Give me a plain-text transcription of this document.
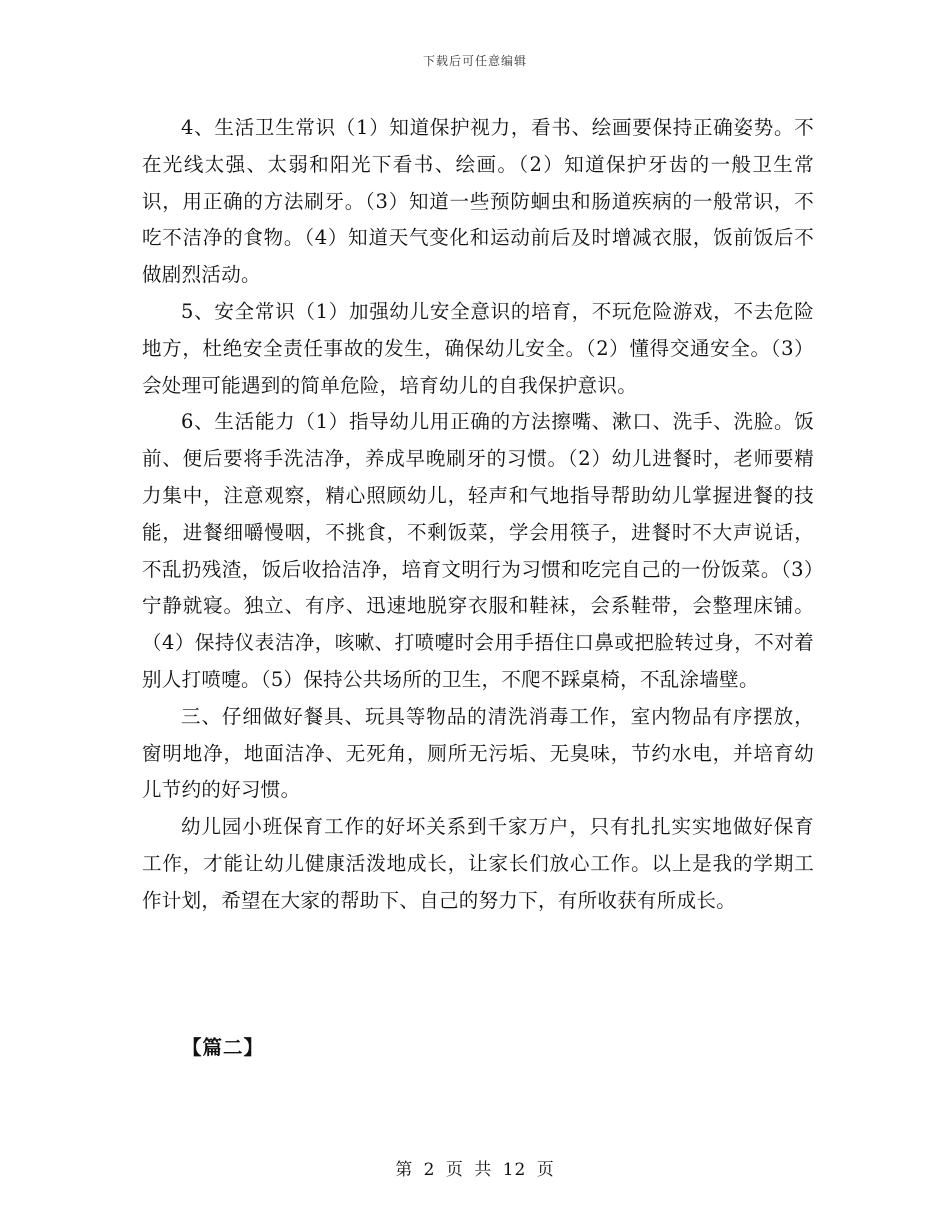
下载后可任意编辑

4、生活卫生常识（1）知道保护视力，看书、绘画要保持正确姿势。不在光线太强、太弱和阳光下看书、绘画。（2）知道保护牙齿的一般卫生常识，用正确的方法刷牙。（3）知道一些预防蛔虫和肠道疾病的一般常识，不吃不洁净的食物。（4）知道天气变化和运动前后及时增减衣服，饭前饭后不做剧烈活动。

5、安全常识（1）加强幼儿安全意识的培育，不玩危险游戏，不去危险地方，杜绝安全责任事故的发生，确保幼儿安全。（2）懂得交通安全。（3）会处理可能遇到的简单危险，培育幼儿的自我保护意识。

6、生活能力（1）指导幼儿用正确的方法擦嘴、漱口、洗手、洗脸。饭前、便后要将手洗洁净，养成早晚刷牙的习惯。（2）幼儿进餐时，老师要精力集中，注意观察，精心照顾幼儿，轻声和气地指导帮助幼儿掌握进餐的技能，进餐细嚼慢咽，不挑食，不剩饭菜，学会用筷子，进餐时不大声说话，不乱扔残渣，饭后收拾洁净，培育文明行为习惯和吃完自己的一份饭菜。（3）宁静就寝。独立、有序、迅速地脱穿衣服和鞋袜，会系鞋带，会整理床铺。（4）保持仪表洁净，咳嗽、打喷嚏时会用手捂住口鼻或把脸转过身，不对着别人打喷嚏。（5）保持公共场所的卫生，不爬不踩桌椅，不乱涂墙壁。

三、仔细做好餐具、玩具等物品的清洗消毒工作，室内物品有序摆放，窗明地净，地面洁净、无死角，厕所无污垢、无臭味，节约水电，并培育幼儿节约的好习惯。

幼儿园小班保育工作的好坏关系到千家万户，只有扎扎实实地做好保育工作，才能让幼儿健康活泼地成长，让家长们放心工作。以上是我的学期工作计划，希望在大家的帮助下、自己的努力下，有所收获有所成长。

【篇二】
第 2 页 共 12 页
